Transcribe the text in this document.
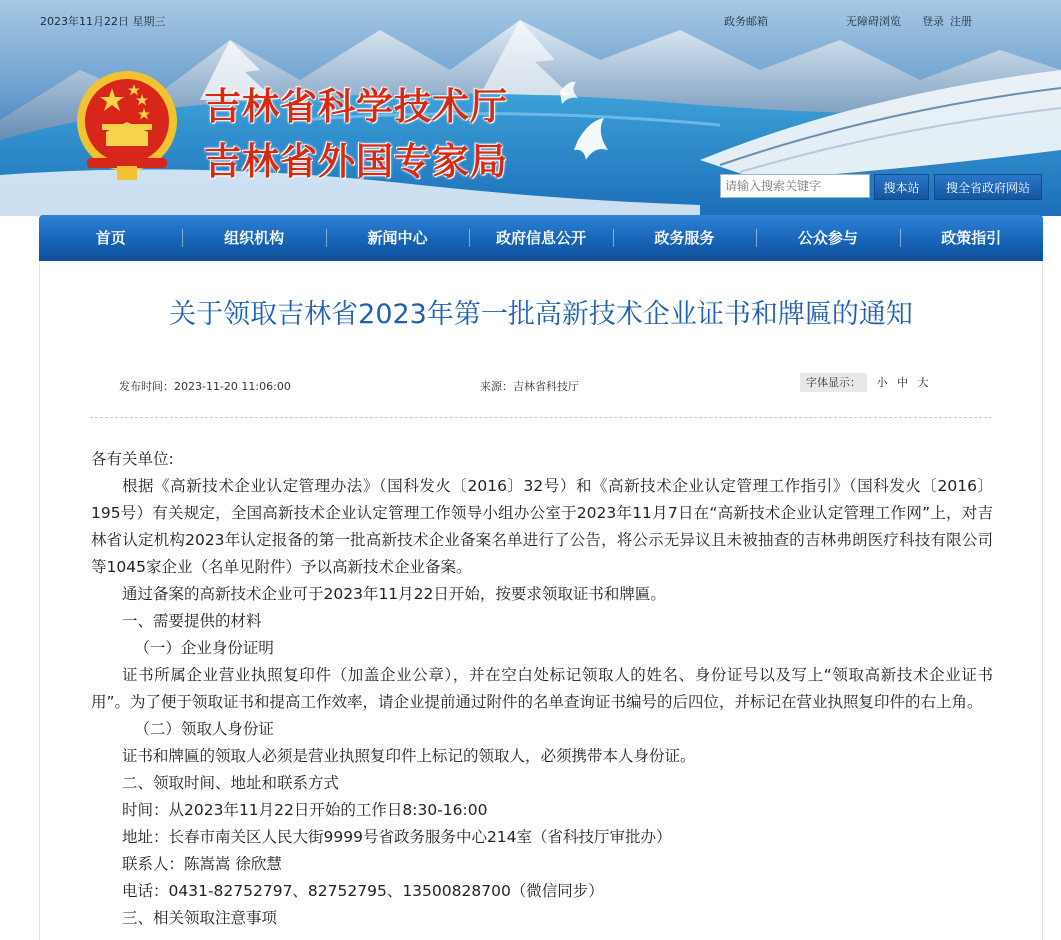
2023年11月22日 星期三	政务邮箱	无障碍浏览 登录 注册
吉林省科学技术厅
吉林省外国专家局
请输入搜索关键字
搜本站	搜全省政府网站
首页	组织机构	新闻中心	政府信息公开	政务服务	公众参与	政策指引
关于领取吉林省2023年第一批高新技术企业证书和牌匾的通知
发布时间：2023-11-20 11:06:00	来源：吉林省科技厅	字体显示： 小 中 大

各有关单位:

根据《高新技术企业认定管理办法》（国科发火〔2016〕32号）和《高新技术企业认定管理工作指引》（国科发火〔2016〕195号）有关规定，全国高新技术企业认定管理工作领导小组办公室于2023年11月7日在“高新技术企业认定管理工作网”上，对吉林省认定机构2023年认定报备的第一批高新技术企业备案名单进行了公告，将公示无异议且未被抽查的吉林弗朗医疗科技有限公司等1045家企业（名单见附件）予以高新技术企业备案。

通过备案的高新技术企业可于2023年11月22日开始，按要求领取证书和牌匾。

一、需要提供的材料

（一）企业身份证明

证书所属企业营业执照复印件（加盖企业公章），并在空白处标记领取人的姓名、身份证号以及写上“领取高新技术企业证书用”。为了便于领取证书和提高工作效率，请企业提前通过附件的名单查询证书编号的后四位，并标记在营业执照复印件的右上角。

（二）领取人身份证

证书和牌匾的领取人必须是营业执照复印件上标记的领取人，必须携带本人身份证。

二、领取时间、地址和联系方式

时间：从2023年11月22日开始的工作日8:30-16:00

地址：长春市南关区人民大街9999号省政务服务中心214室（省科技厅审批办）

联系人：陈嵩嵩 徐欣慧

电话：0431-82752797、82752795、13500828700（微信同步）

三、相关领取注意事项
